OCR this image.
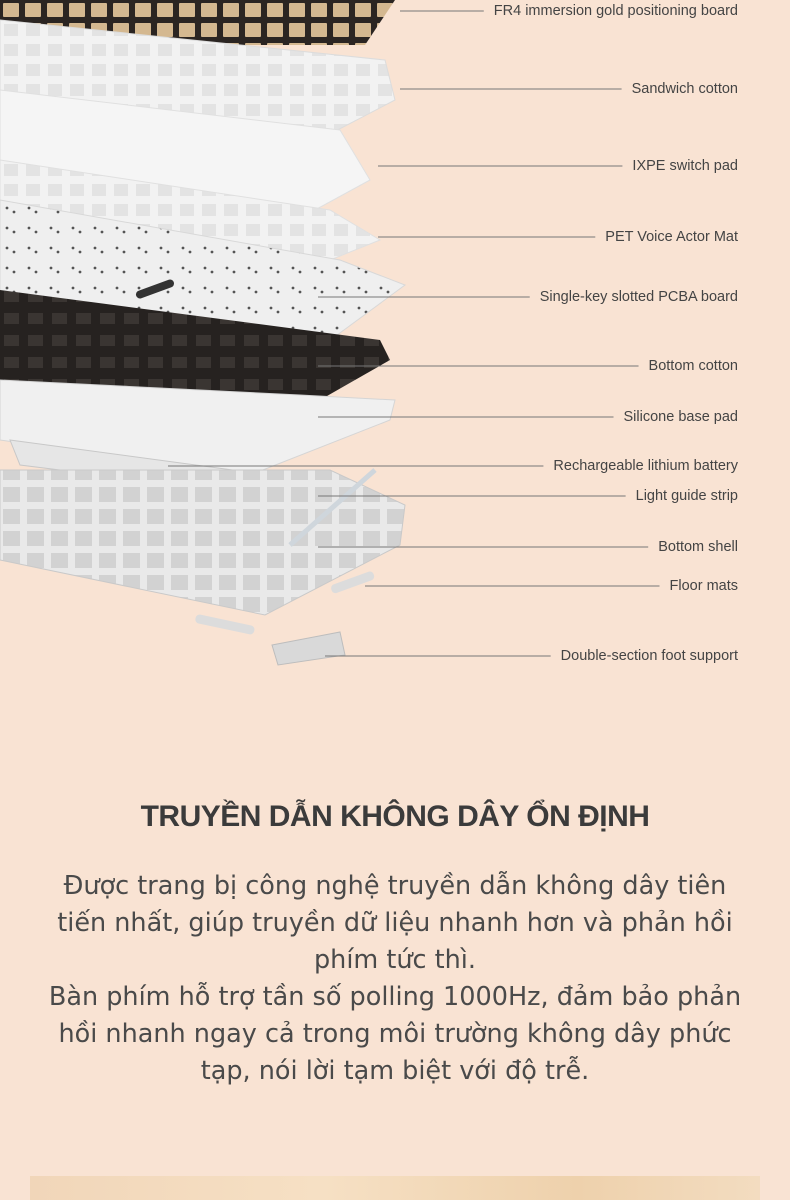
FR4 immersion gold positioning board
Sandwich cotton
IXPE switch pad
PET Voice Actor Mat
Single-key slotted PCBA board
Bottom cotton
Silicone base pad
Rechargeable lithium battery
Light guide strip
Bottom shell
Floor mats
Double-section foot support
TRUYỀN DẪN KHÔNG DÂY ỔN ĐỊNH

Được trang bị công nghệ truyền dẫn không dây tiên tiến nhất, giúp truyền dữ liệu nhanh hơn và phản hồi phím tức thì.

Bàn phím hỗ trợ tần số polling 1000Hz, đảm bảo phản hồi nhanh ngay cả trong môi trường không dây phức tạp, nói lời tạm biệt với độ trễ.
